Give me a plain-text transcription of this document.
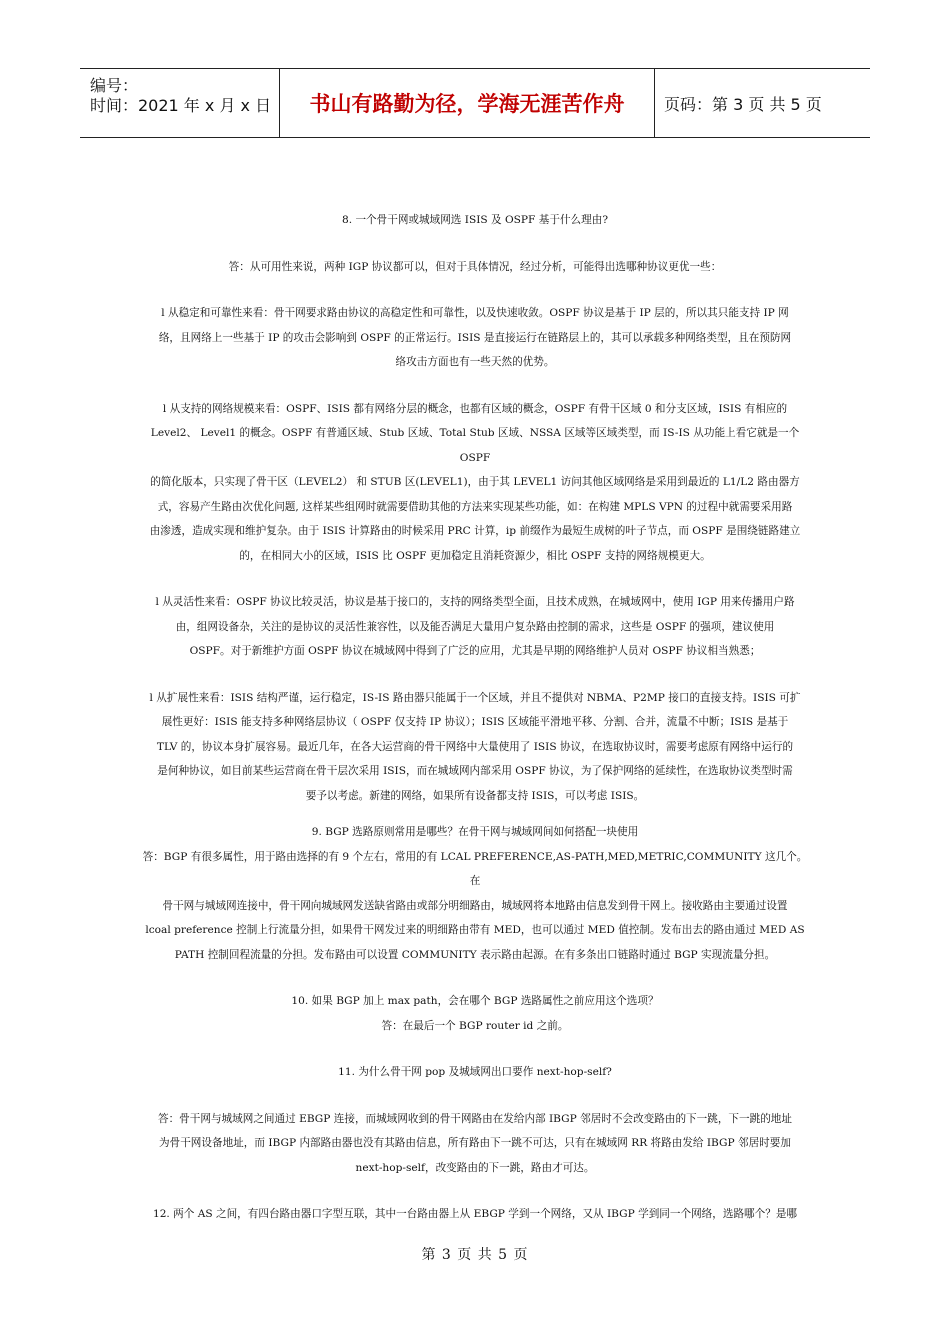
编号：
时间：2021 年 x 月 x 日	书山有路勤为径，学海无涯苦作舟	页码：第 3 页 共 5 页

8. 一个骨干网或城域网选 ISIS 及 OSPF 基于什么理由?

答：从可用性来说，两种 IGP 协议都可以，但对于具体情况，经过分析，可能得出选哪种协议更优一些：

l 从稳定和可靠性来看：骨干网要求路由协议的高稳定性和可靠性，以及快速收敛。OSPF 协议是基于 IP 层的，所以其只能支持 IP 网

络，且网络上一些基于 IP 的攻击会影响到 OSPF 的正常运行。ISIS 是直接运行在链路层上的，其可以承载多种网络类型，且在预防网

络攻击方面也有一些天然的优势。

l 从支持的网络规模来看：OSPF、ISIS 都有网络分层的概念，也都有区域的概念，OSPF 有骨干区域 0 和分支区域，ISIS 有相应的

Level2、 Level1 的概念。OSPF 有普通区域、Stub 区域、Total Stub 区域、NSSA 区域等区域类型，而 IS-IS 从功能上看它就是一个 OSPF

的简化版本，只实现了骨干区（LEVEL2） 和 STUB 区(LEVEL1)，由于其 LEVEL1 访问其他区域网络是采用到最近的 L1/L2 路由器方

式，容易产生路由次优化问题, 这样某些组网时就需要借助其他的方法来实现某些功能，如：在构建 MPLS VPN 的过程中就需要采用路

由渗透，造成实现和维护复杂。由于 ISIS 计算路由的时候采用 PRC 计算，ip 前缀作为最短生成树的叶子节点，而 OSPF 是围绕链路建立

的，在相同大小的区域，ISIS 比 OSPF 更加稳定且消耗资源少，相比 OSPF 支持的网络规模更大。

l 从灵活性来看：OSPF 协议比较灵活，协议是基于接口的，支持的网络类型全面，且技术成熟，在城域网中，使用 IGP 用来传播用户路

由，组网设备杂，关注的是协议的灵活性兼容性，以及能否满足大量用户复杂路由控制的需求，这些是 OSPF 的强项，建议使用

OSPF。对于新维护方面 OSPF 协议在城域网中得到了广泛的应用，尤其是早期的网络维护人员对 OSPF 协议相当熟悉；

l 从扩展性来看：ISIS 结构严谨，运行稳定，IS-IS 路由器只能属于一个区域，并且不提供对 NBMA、P2MP 接口的直接支持。ISIS 可扩

展性更好：ISIS 能支持多种网络层协议（ OSPF 仅支持 IP 协议）；ISIS 区域能平滑地平移、分割、合并，流量不中断；ISIS 是基于

TLV 的，协议本身扩展容易。最近几年，在各大运营商的骨干网络中大量使用了 ISIS 协议，在选取协议时，需要考虑原有网络中运行的

是何种协议，如目前某些运营商在骨干层次采用 ISIS，而在城域网内部采用 OSPF 协议，为了保护网络的延续性，在选取协议类型时需

要予以考虑。新建的网络，如果所有设备都支持 ISIS，可以考虑 ISIS。

9. BGP 选路原则常用是哪些？在骨干网与城域网间如何搭配一块使用

答：BGP 有很多属性，用于路由选择的有 9 个左右，常用的有 LCAL PREFERENCE,AS-PATH,MED,METRIC,COMMUNITY 这几个。在

骨干网与城域网连接中，骨干网向城域网发送缺省路由或部分明细路由，城域网将本地路由信息发到骨干网上。接收路由主要通过设置

lcoal preference 控制上行流量分担，如果骨干网发过来的明细路由带有 MED，也可以通过 MED 值控制。发布出去的路由通过 MED AS

PATH 控制回程流量的分担。发布路由可以设置 COMMUNITY 表示路由起源。在有多条出口链路时通过 BGP 实现流量分担。

10. 如果 BGP 加上 max path，会在哪个 BGP 选路属性之前应用这个选项？

答：在最后一个 BGP router id 之前。

11. 为什么骨干网 pop 及城域网出口要作 next-hop-self?

答：骨干网与城域网之间通过 EBGP 连接，而城域网收到的骨干网路由在发给内部 IBGP 邻居时不会改变路由的下一跳，下一跳的地址

为骨干网设备地址，而 IBGP 内部路由器也没有其路由信息，所有路由下一跳不可达，只有在城域网 RR 将路由发给 IBGP 邻居时要加

next-hop-self，改变路由的下一跳，路由才可达。

12. 两个 AS 之间，有四台路由器口字型互联，其中一台路由器上从 EBGP 学到一个网络，又从 IBGP 学到同一个网络，选路哪个？是哪

第 3 页 共 5 页
